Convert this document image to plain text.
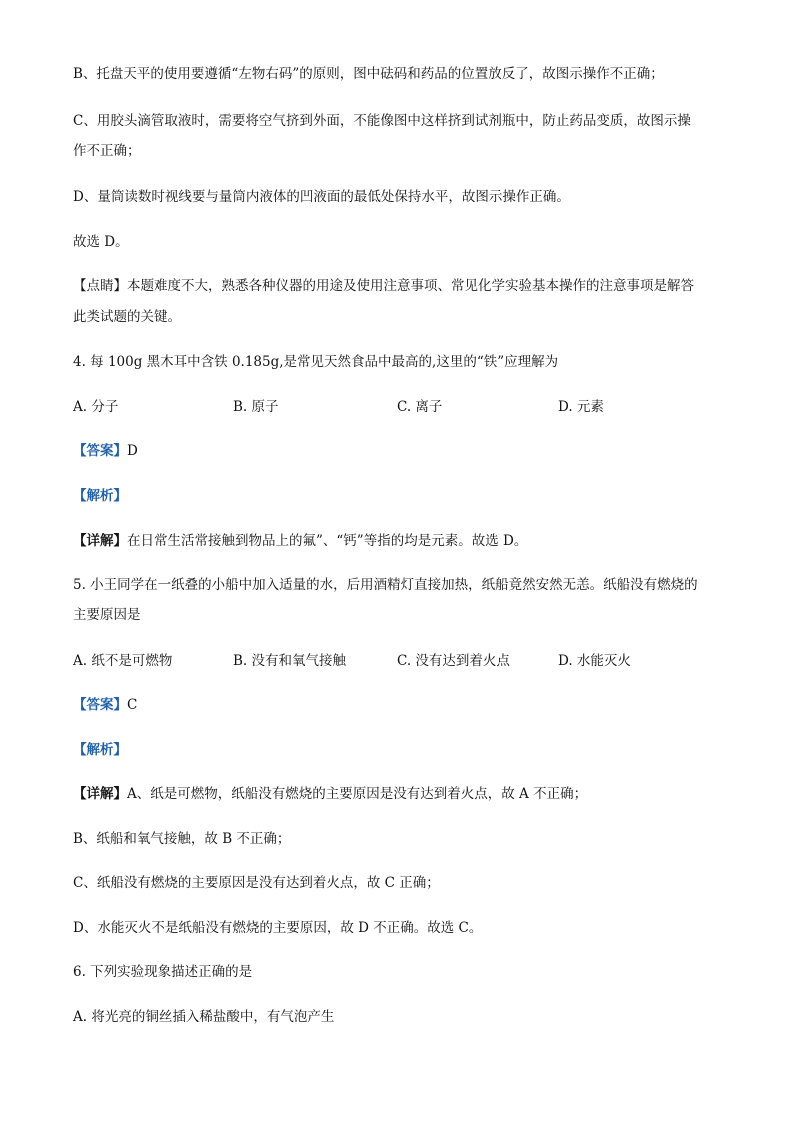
B、托盘天平的使用要遵循“左物右码”的原则，图中砝码和药品的位置放反了，故图示操作不正确；
C、用胶头滴管取液时，需要将空气挤到外面，不能像图中这样挤到试剂瓶中，防止药品变质，故图示操
作不正确；
D、量筒读数时视线要与量筒内液体的凹液面的最低处保持水平，故图示操作正确。
故选 D。
【点睛】本题难度不大，熟悉各种仪器的用途及使用注意事项、常见化学实验基本操作的注意事项是解答
此类试题的关键。
4. 每 100g 黑木耳中含铁 0.185g,是常见天然食品中最高的,这里的“铁”应理解为
A. 分子	B. 原子	C. 离子	D. 元素
【答案】D
【解析】
【详解】在日常生活常接触到物品上的氟”、“钙”等指的均是元素。故选 D。
5. 小王同学在一纸叠的小船中加入适量的水，后用酒精灯直接加热，纸船竟然安然无恙。纸船没有燃烧的
主要原因是
A. 纸不是可燃物	B. 没有和氧气接触	C. 没有达到着火点	D. 水能灭火
【答案】C
【解析】
【详解】A、纸是可燃物，纸船没有燃烧的主要原因是没有达到着火点，故 A 不正确；
B、纸船和氧气接触，故 B 不正确；
C、纸船没有燃烧的主要原因是没有达到着火点，故 C 正确；
D、水能灭火不是纸船没有燃烧的主要原因，故 D 不正确。故选 C。
6. 下列实验现象描述正确的是
A. 将光亮的铜丝插入稀盐酸中，有气泡产生
